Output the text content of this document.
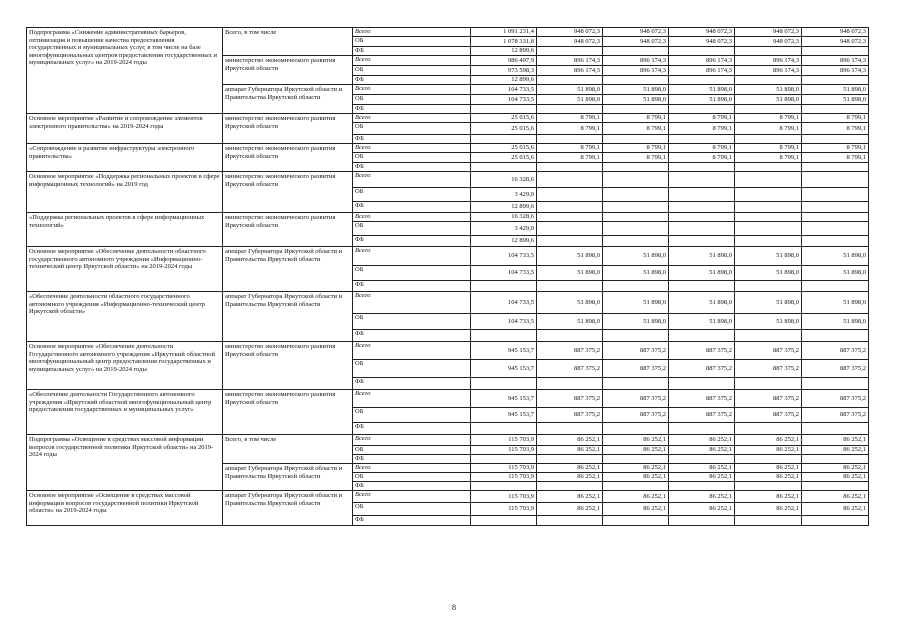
Подпрограмма «Снижение административных барьеров, оптимизация и повышение качества предоставления государственных и муниципальных услуг, в том числе на базе многофункциональных центров предоставления государственных и муниципальных услуг» на 2019-2024 годы	Всего, в том числе	Всего	1 091 231,4	948 072,3	948 072,3	948 072,3	948 072,3	948 072,3
		ОБ	1 078 331,8	948 072,3	948 072,3	948 072,3	948 072,3	948 072,3
		ФБ	12 899,6					
	министерство экономического развития Иркутской области	Всего	986 497,9	896 174,3	896 174,3	896 174,3	896 174,3	896 174,3
		ОБ	973 598,3	896 174,3	896 174,3	896 174,3	896 174,3	896 174,3
		ФБ	12 899,6					
	аппарат Губернатора Иркутской области и Правительства Иркутской области	Всего	104 733,5	51 898,0	51 898,0	51 898,0	51 898,0	51 898,0
		ОБ	104 733,5	51 898,0	51 898,0	51 898,0	51 898,0	51 898,0
		ФБ						
Основное мероприятие «Развитие и сопровождение элементов электронного правительства» на 2019-2024 годы	министерство экономического развития Иркутской области	Всего	25 015,6	8 799,1	8 799,1	8 799,1	8 799,1	8 799,1
		ОБ	25 015,6	8 799,1	8 799,1	8 799,1	8 799,1	8 799,1
		ФБ						
«Сопровождение и развитие инфраструктуры электронного правительства»	министерство экономического развития Иркутской области	Всего	25 015,6	8 799,1	8 799,1	8 799,1	8 799,1	8 799,1
		ОБ	25 015,6	8 799,1	8 799,1	8 799,1	8 799,1	8 799,1
		ФБ						
Основное мероприятие «Поддержка региональных проектов в сфере информационных технологий» на 2019 год	министерство экономического развития Иркутской области	Всего	16 328,6					
		ОБ	3 429,0					
		ФБ	12 899,6					
«Поддержка региональных проектов в сфере информационных технологий»	министерство экономического развития Иркутской области	Всего	16 328,6					
		ОБ	3 429,0					
		ФБ	12 899,6					
Основное мероприятие «Обеспечение деятельности областного государственного автономного учреждения «Информационно-технический центр Иркутской области» на 2019-2024 годы	аппарат Губернатора Иркутской области и Правительства Иркутской области	Всего	104 733,5	51 898,0	51 898,0	51 898,0	51 898,0	51 898,0
		ОБ	104 733,5	51 898,0	51 898,0	51 898,0	51 898,0	51 898,0
		ФБ						
«Обеспечение деятельности областного государственного автономного учреждения «Информационно-технический центр Иркутской области»	аппарат Губернатора Иркутской области и Правительства Иркутской области	Всего	104 733,5	51 898,0	51 898,0	51 898,0	51 898,0	51 898,0
		ОБ	104 733,5	51 898,0	51 898,0	51 898,0	51 898,0	51 898,0
		ФБ						
Основное мероприятие «Обеспечение деятельности Государственного автономного учреждения «Иркутский областной многофункциональный центр предоставления государственных и муниципальных услуг» на 2019-2024 годы	министерство экономического развития Иркутской области	Всего	945 153,7	887 375,2	887 375,2	887 375,2	887 375,2	887 375,2
		ОБ	945 153,7	887 375,2	887 375,2	887 375,2	887 375,2	887 375,2
		ФБ						
«Обеспечение деятельности Государственного автономного учреждения «Иркутский областной многофункциональный центр предоставления государственных и муниципальных услуг»	министерство экономического развития Иркутской области	Всего	945 153,7	887 375,2	887 375,2	887 375,2	887 375,2	887 375,2
		ОБ	945 153,7	887 375,2	887 375,2	887 375,2	887 375,2	887 375,2
		ФБ						
Подпрограмма «Освещение в средствах массовой информации вопросов государственной политики Иркутской области» на 2019-2024 годы	Всего, в том числе	Всего	115 703,9	86 252,1	86 252,1	86 252,1	86 252,1	86 252,1
		ОБ	115 703,9	86 252,1	86 252,1	86 252,1	86 252,1	86 252,1
		ФБ						
	аппарат Губернатора Иркутской области и Правительства Иркутской области	Всего	115 703,9	86 252,1	86 252,1	86 252,1	86 252,1	86 252,1
		ОБ	115 703,9	86 252,1	86 252,1	86 252,1	86 252,1	86 252,1
		ФБ						
Основное мероприятие «Освещение в средствах массовой информации вопросов государственной политики Иркутской области» на 2019-2024 годы	аппарат Губернатора Иркутской области и Правительства Иркутской области	Всего	115 703,9	86 252,1	86 252,1	86 252,1	86 252,1	86 252,1
		ОБ	115 703,9	86 252,1	86 252,1	86 252,1	86 252,1	86 252,1
		ФБ						
8
